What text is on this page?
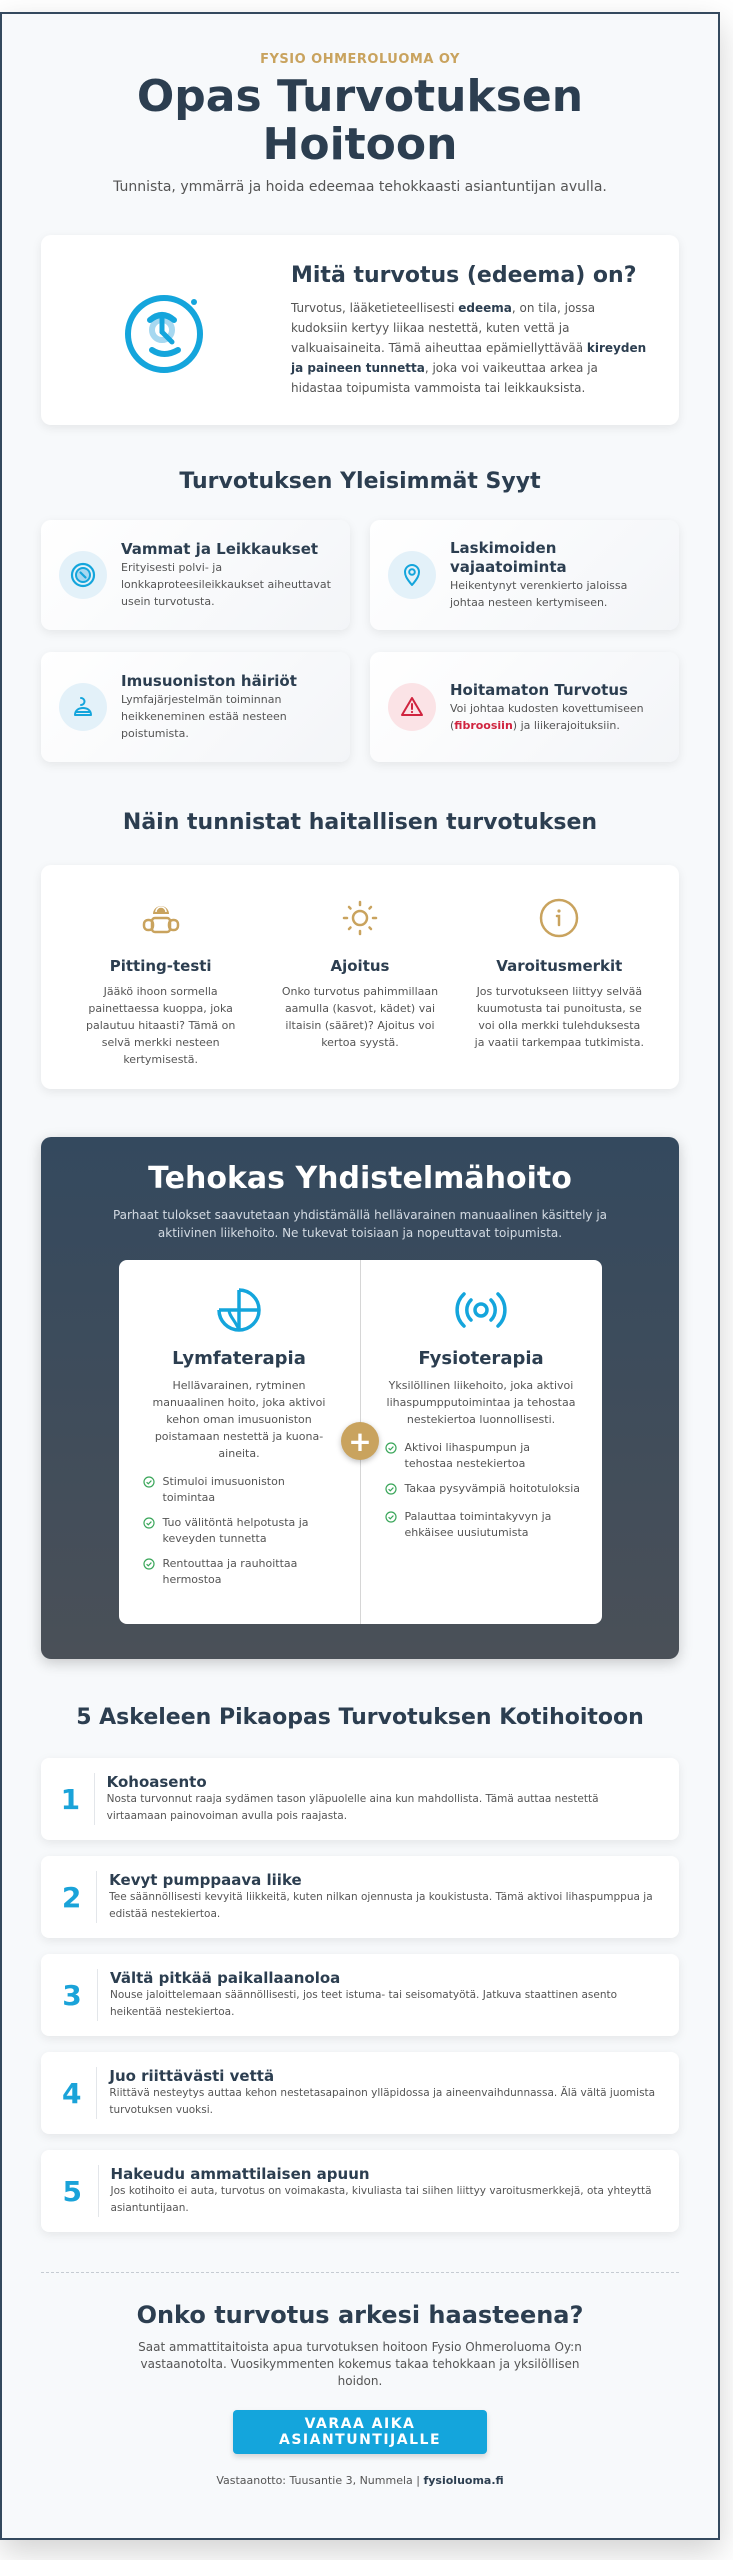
FYSIO OHMEROLUOMA OY
Opas Turvotuksen Hoitoon

Tunnista, ymmärrä ja hoida edeemaa tehokkaasti asiantuntijan avulla.

Mitä turvotus (edeema) on?

Turvotus, lääketieteellisesti edeema, on tila, jossa kudoksiin kertyy liikaa nestettä, kuten vettä ja valkuaisaineita. Tämä aiheuttaa epämiellyttävää kireyden ja paineen tunnetta, joka voi vaikeuttaa arkea ja hidastaa toipumista vammoista tai leikkauksista.

Turvotuksen Yleisimmät Syyt
Vammat ja Leikkaukset
Erityisesti polvi- ja lonkkaproteesileikkaukset aiheuttavat usein turvotusta.
Laskimoiden vajaatoiminta
Heikentynyt verenkierto jaloissa johtaa nesteen kertymiseen.
Imusuoniston häiriöt
Lymfajärjestelmän toiminnan heikkeneminen estää nesteen poistumista.
Hoitamaton Turvotus
Voi johtaa kudosten kovettumiseen (fibroosiin) ja liikerajoituksiin.
Näin tunnistat haitallisen turvotuksen
Pitting-testi
Jääkö ihoon sormella painettaessa kuoppa, joka palautuu hitaasti? Tämä on selvä merkki nesteen kertymisestä.
Ajoitus
Onko turvotus pahimmillaan aamulla (kasvot, kädet) vai iltaisin (sääret)? Ajoitus voi kertoa syystä.
Varoitusmerkit
Jos turvotukseen liittyy selvää kuumotusta tai punoitusta, se voi olla merkki tulehduksesta ja vaatii tarkempaa tutkimista.
Tehokas Yhdistelmähoito

Parhaat tulokset saavutetaan yhdistämällä hellävarainen manuaalinen käsittely ja aktiivinen liikehoito. Ne tukevat toisiaan ja nopeuttavat toipumista.

Lymfaterapia
Hellävarainen, rytminen manuaalinen hoito, joka aktivoi kehon oman imusuoniston poistamaan nestettä ja kuona-aineita.
Stimuloi imusuoniston toimintaa
Tuo välitöntä helpotusta ja keveyden tunnetta
Rentouttaa ja rauhoittaa hermostoa
+
Fysioterapia
Yksilöllinen liikehoito, joka aktivoi lihaspumpputoimintaa ja tehostaa nestekiertoa luonnollisesti.
Aktivoi lihaspumpun ja tehostaa nestekiertoa
Takaa pysyvämpiä hoitotuloksia
Palauttaa toimintakyvyn ja ehkäisee uusiutumista
5 Askeleen Pikaopas Turvotuksen Kotihoitoon
1
Kohoasento
Nosta turvonnut raaja sydämen tason yläpuolelle aina kun mahdollista. Tämä auttaa nestettä virtaamaan painovoiman avulla pois raajasta.
2
Kevyt pumppaava liike
Tee säännöllisesti kevyitä liikkeitä, kuten nilkan ojennusta ja koukistusta. Tämä aktivoi lihaspumppua ja edistää nestekiertoa.
3
Vältä pitkää paikallaanoloa
Nouse jaloittelemaan säännöllisesti, jos teet istuma- tai seisomatyötä. Jatkuva staattinen asento heikentää nestekiertoa.
4
Juo riittävästi vettä
Riittävä nesteytys auttaa kehon nestetasapainon ylläpidossa ja aineenvaihdunnassa. Älä vältä juomista turvotuksen vuoksi.
5
Hakeudu ammattilaisen apuun
Jos kotihoito ei auta, turvotus on voimakasta, kivuliasta tai siihen liittyy varoitusmerkkejä, ota yhteyttä asiantuntijaan.
Onko turvotus arkesi haasteena?

Saat ammattitaitoista apua turvotuksen hoitoon Fysio Ohmeroluoma Oy:n vastaanotolta. Vuosikymmenten kokemus takaa tehokkaan ja yksilöllisen hoidon.

VARAA AIKA ASIANTUNTIJALLE

Vastaanotto: Tuusantie 3, Nummela | fysioluoma.fi
